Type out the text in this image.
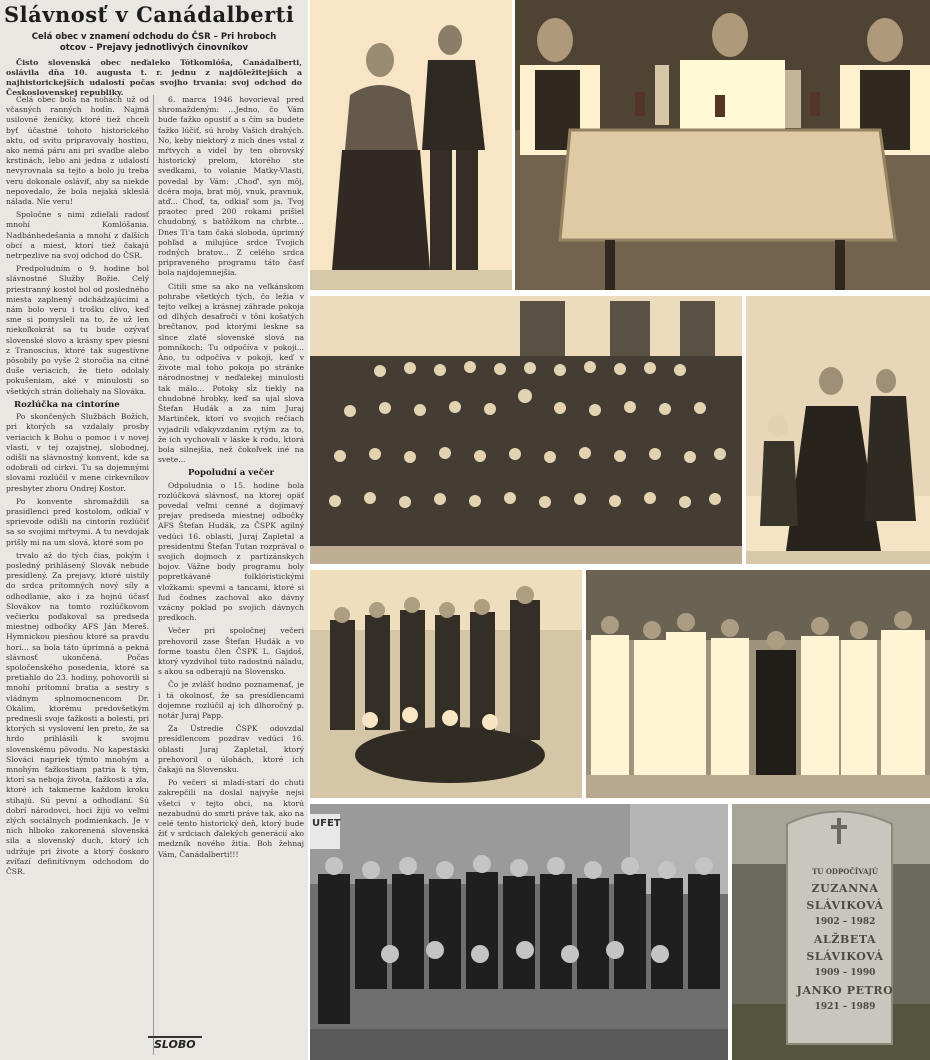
Slávnosť v Canádalberti
Celá obec v znamení odchodu do ČSR – Pri hroboch
otcov – Prejavy jednotlivých činovníkov

Čisto slovenská obec neďaleko Tótkomlóša, Canádalberti, oslávila dňa 10. augusta t. r. jednu z najdôležitejších a najhistorickejších udalostí počas svojho trvania: svoj odchod do Československej republiky.

Celá obec bola na nohách už od včasných ranných hodín. Najmä usilovné ženičky, ktoré tiež chceli byť účastné tohoto historického aktu, od svitu pripravovaly hostinu, ako nemá páru ani pri svadbe alebo krstinách, lebo ani jedna z udalostí nevyrovnala sa tejto a bolo ju treba veru dokonale osláviť, aby sa niekde nepovedalo, že bola nejaká skleslá nálada. Nie veru!

Spoločne s nimi zdieľali radosť mnohí Komlóšania. Nadbánhedešania a mnohí z ďalších obcí a miest, ktorí tiež čakajú netrpezlive na svoj odchod do ČSR.

Predpoludním o 9. hodine bol slávnostné Služby Božie. Celý priestranný kostol bol od posledného miesta zaplnený odchádzajúcimi a nám bolo veru i trošku clivo, keď sme si pomysleli na to, že už len niekoľkokrát sa tu bude ozývať slovenské slovo a krásny spev piesní z Tranoscius, ktoré tak sugestívne pôsobily po vyše 2 storočia na citné duše veriacich, že tieto odolaly pokušeniam, aké v minulosti so všetkých strán doliehaly na Slováka.

Rozlúčka na cintoríne

Po skončených Službách Božích, pri ktorých sa vzdalaly prosby veriacich k Bohu o pomoc i v novej vlasti, v tej ozajstnej, slobodnej, odišli na slávnostný konvent, kde sa odobrali od cirkvi. Tu sa dojemnými slovami rozlúčil v mene cirkevníkov presbyter zboru Ondrej Kostor.

Po konvente shromaždili sa prasidlenci pred kostolom, odkiaľ v sprievode odišli na cintorín rozlúčiť sa so svojimi mŕtvymi. A tu nevdojak prišly mi na um slová, ktoré som po

trvalo až do tých čias, pokým i posledný prihlásený Slovák nebude presídlený. Za prejavy, ktoré uistily do srdca prítomných nový síly a odhodlanie, ako i za hojnú účasť Slovákov na tomto rozlúčkovom večierku poďakoval sa predseda miestnej odbočky AFS Ján Mereš. Hymnickou piesňou ktoré sa pravdu hori... sa bola táto úprimná a pekná slávnosť ukončená. Počas spoločenského posedenia, ktoré sa pretiahlo do 23. hodiny, pohovorili si mnohí prítomní bratia a sestry s vládnym splnomocnencom Dr. Okálim, ktorému predovšetkým prednesli svoje ťažkosti a bolesti, pri ktorých si vyslovení len preto, že sa hrdo prihlásili k svojmu slovenskému pôvodu. No kapestáski Slováci napriek týmto mnohým a mnohým ťažkostiam patria k tým, ktorí sa neboja života, ťažkosti a zla, ktoré ich takmerne každom kroku stihajú. Sú pevní a odhodlaní. Sú dobrí národovci, hoci žijú vo veľmi zlých sociálnych podmienkach. Je v nich hlboko zakorenená slovenská sila a slovenský duch, ktorý ich udržuje pri živote a ktorý čoskoro zvíťazí definitívnym odchodom do ČSR.

6. marca 1946 hovorieval pred shromaždeným: ...Jedno, čo Vám bude ťažko opustiť a s čím sa budete ťažko lúčiť, sú hroby Vašich drahých. No, keby niektorý z nich dnes vstal z mŕtvych a videl by ten obrovský historický prelom, ktorého ste svedkami, to volanie Matky-Vlasti, povedal by Vám: ‚Choď', syn môj, dcéra moja, brat môj, vnuk, pravnuk, atď... Choď, ta, odkiaľ som ja. Tvoj praotec pred 200 rokami prišiel chudobný, s batôžkom na chrbte... Dnes Ti'a tam čaká sloboda, úprimný pohľad a milujúce srdce Tvojich rodných bratov... Z celého srdca pripraveného programu táto časť bola najdojemnejšia.

Citili sme sa ako na veľkánskom pohrabe všetkých tých, čo ležia v tejto veľkej a krásnej záhrade pokoja od dlhých desaťročí v tôni košatých brečtanov, pod ktorými leskne sa slnce zlaté slovenské slová na pomníkoch: Tu odpočíva v pokoji... Áno, tu odpočíva v pokoji, keď v živote mal toho pokoja po stránke národnostnej v neďalekej minulosti tak málo... Potoky sĺz tiekly na chudobné hrobky, keď sa ujal slova Štefan Hudák a za ním Juraj Martinček, ktorí vo svojich rečiach vyjadrili vďakyvzdaním rytým za to, že ich vychovali v láske k rodu, ktorá bola silnejšia, než čokoľvek iné na svete...

Popoludní a večer

Odpoludnia o 15. hodine bola rozlúčková slávnosť, na ktorej opäť povedal veľmi cenné a dojímavý prejav predseda miestnej odbočky AFS Štefan Hudák, za ČSPK agilný vedúci 16. oblasti, Juraj Zapletal a presidentmi Štefan Tutan rozprával o svojich dojmoch z partizánskych bojov. Vážne body programu boly popretkávané folklóristickými vložkami: spevmi a tancami, ktoré si ľud čodnes zachoval ako dávny vzácny poklad po svojich dávnych predkoch.

Večer pri spoločnej večeri prehovoril zase Štefan Hudák a vo forme toastu člen ČSPK L. Gajdoš, ktorý vyzdvihol túto radostnú náladu, s akou sa odberajú na Slovensko.

Čo je zvlášť hodno poznamenať, je i tá okolnosť, že sa presídlencami dojemne rozlúčil aj ich dlhoročný p. notár Juraj Papp.

Za Ústredie ČSPK odovzdal presídlencom pozdrav vedúci 16. oblasti Juraj Zapletal, ktorý prehovoril o úlohách, ktoré ich čakajú na Slovensku.

Po večeri si mladí-starí do chuti zakrepčili na doslal najvyše nejsi všetci v tejto obci, na ktorú nezabudnú do smrti práve tak, ako na celé tento historický deň, ktorý bude žiť v srdciach ďalekých generácií ako medzník nového žitia. Boh žehnaj Vám, Čanádalberti!!!

SLOBO
UFET
TU ODPOČÍVAJÚ
ZUZANNA
SLÁVIKOVÁ
1902 – 1982
ALŽBETA
SLÁVIKOVÁ
1909 – 1990
JANKO PETRO
1921 – 1989
